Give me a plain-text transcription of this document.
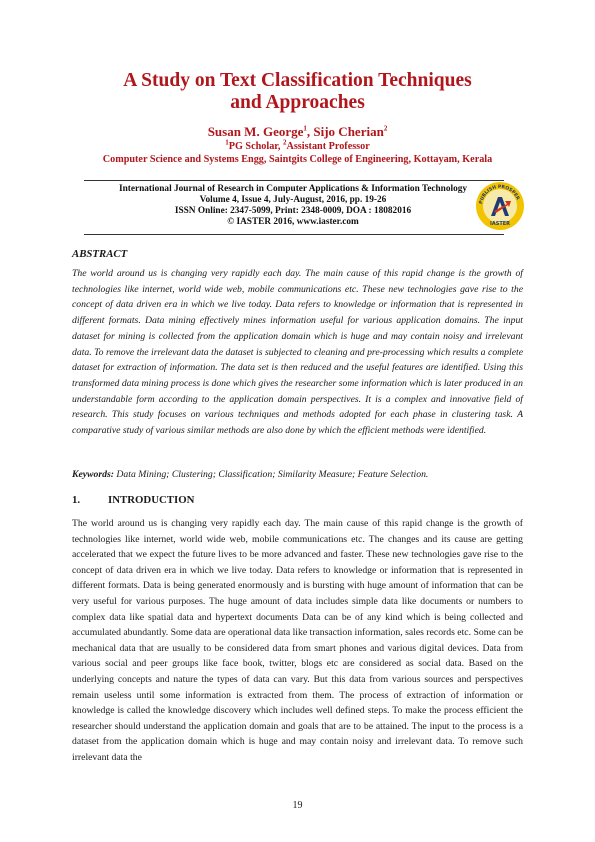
A Study on Text Classification Techniques
and Approaches
Susan M. George$^1$, Sijo Cherian$^2$
$^1$PG Scholar, $^2$Assistant Professor
Computer Science and Systems Engg, Saintgits College of Engineering, Kottayam, Kerala
International Journal of Research in Computer Applications & Information Technology
Volume 4, Issue 4, July-August, 2016, pp. 19-26
ISSN Online: 2347-5099, Print: 2348-0009, DOA : 18082016
© IASTER 2016, www.iaster.com
PUBLISH PROSPER
IASTER
ABSTRACT
The world around us is changing very rapidly each day. The main cause of this rapid change is the growth of technologies like internet, world wide web, mobile communications etc. These new technologies gave rise to the concept of data driven era in which we live today. Data refers to knowledge or information that is represented in different formats. Data mining effectively mines information useful for various application domains. The input dataset for mining is collected from the application domain which is huge and may contain noisy and irrelevant data. To remove the irrelevant data the dataset is subjected to cleaning and pre-processing which results a complete dataset for extraction of information. The data set is then reduced and the useful features are identified. Using this transformed data mining process is done which gives the researcher some information which is later produced in an understandable form according to the application domain perspectives. It is a complex and innovative field of research. This study focuses on various techniques and methods adopted for each phase in clustering task. A comparative study of various similar methods are also done by which the efficient methods were identified.
Keywords: Data Mining; Clustering; Classification; Similarity Measure; Feature Selection.
1.	INTRODUCTION
The world around us is changing very rapidly each day. The main cause of this rapid change is the growth of technologies like internet, world wide web, mobile communications etc. The changes and its cause are getting accelerated that we expect the future lives to be more advanced and faster. These new technologies gave rise to the concept of data driven era in which we live today. Data refers to knowledge or information that is represented in different formats. Data is being generated enormously and is bursting with huge amount of information that can be very useful for various purposes. The huge amount of data includes simple data like documents or numbers to complex data like spatial data and hypertext documents Data can be of any kind which is being collected and accumulated abundantly. Some data are operational data like transaction information, sales records etc. Some can be mechanical data that are usually to be considered data from smart phones and various digital devices. Data from various social and peer groups like face book, twitter, blogs etc are considered as social data. Based on the underlying concepts and nature the types of data can vary. But this data from various sources and perspectives remain useless until some information is extracted from them. The process of extraction of information or knowledge is called the knowledge discovery which includes well defined steps. To make the process efficient the researcher should understand the application domain and goals that are to be attained. The input to the process is a dataset from the application domain which is huge and may contain noisy and irrelevant data. To remove such irrelevant data the
19
